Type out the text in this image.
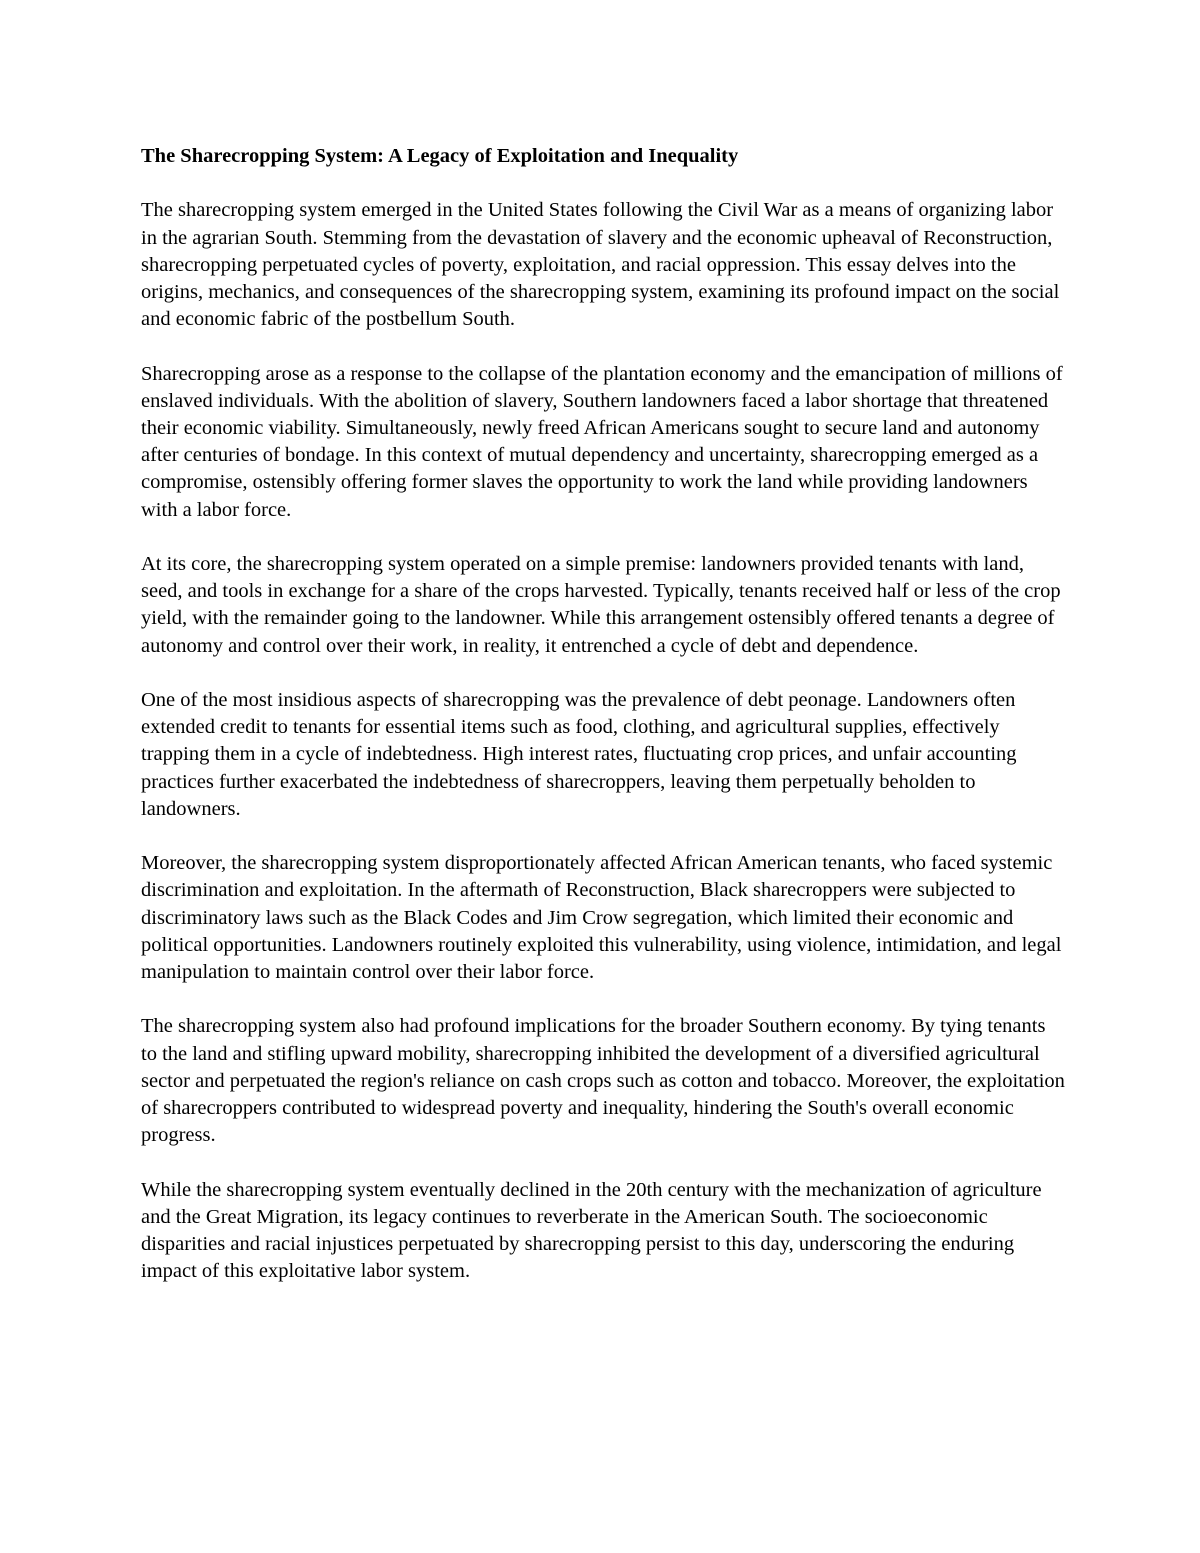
The Sharecropping System: A Legacy of Exploitation and Inequality

The sharecropping system emerged in the United States following the Civil War as a means of organizing labor in the agrarian South. Stemming from the devastation of slavery and the economic upheaval of Reconstruction, sharecropping perpetuated cycles of poverty, exploitation, and racial oppression. This essay delves into the origins, mechanics, and consequences of the sharecropping system, examining its profound impact on the social and economic fabric of the postbellum South.

Sharecropping arose as a response to the collapse of the plantation economy and the emancipation of millions of enslaved individuals. With the abolition of slavery, Southern landowners faced a labor shortage that threatened their economic viability. Simultaneously, newly freed African Americans sought to secure land and autonomy after centuries of bondage. In this context of mutual dependency and uncertainty, sharecropping emerged as a compromise, ostensibly offering former slaves the opportunity to work the land while providing landowners with a labor force.

At its core, the sharecropping system operated on a simple premise: landowners provided tenants with land, seed, and tools in exchange for a share of the crops harvested. Typically, tenants received half or less of the crop yield, with the remainder going to the landowner. While this arrangement ostensibly offered tenants a degree of autonomy and control over their work, in reality, it entrenched a cycle of debt and dependence.

One of the most insidious aspects of sharecropping was the prevalence of debt peonage. Landowners often extended credit to tenants for essential items such as food, clothing, and agricultural supplies, effectively trapping them in a cycle of indebtedness. High interest rates, fluctuating crop prices, and unfair accounting practices further exacerbated the indebtedness of sharecroppers, leaving them perpetually beholden to landowners.

Moreover, the sharecropping system disproportionately affected African American tenants, who faced systemic discrimination and exploitation. In the aftermath of Reconstruction, Black sharecroppers were subjected to discriminatory laws such as the Black Codes and Jim Crow segregation, which limited their economic and political opportunities. Landowners routinely exploited this vulnerability, using violence, intimidation, and legal manipulation to maintain control over their labor force.

The sharecropping system also had profound implications for the broader Southern economy. By tying tenants to the land and stifling upward mobility, sharecropping inhibited the development of a diversified agricultural sector and perpetuated the region's reliance on cash crops such as cotton and tobacco. Moreover, the exploitation of sharecroppers contributed to widespread poverty and inequality, hindering the South's overall economic progress.

While the sharecropping system eventually declined in the 20th century with the mechanization of agriculture and the Great Migration, its legacy continues to reverberate in the American South. The socioeconomic disparities and racial injustices perpetuated by sharecropping persist to this day, underscoring the enduring impact of this exploitative labor system.
